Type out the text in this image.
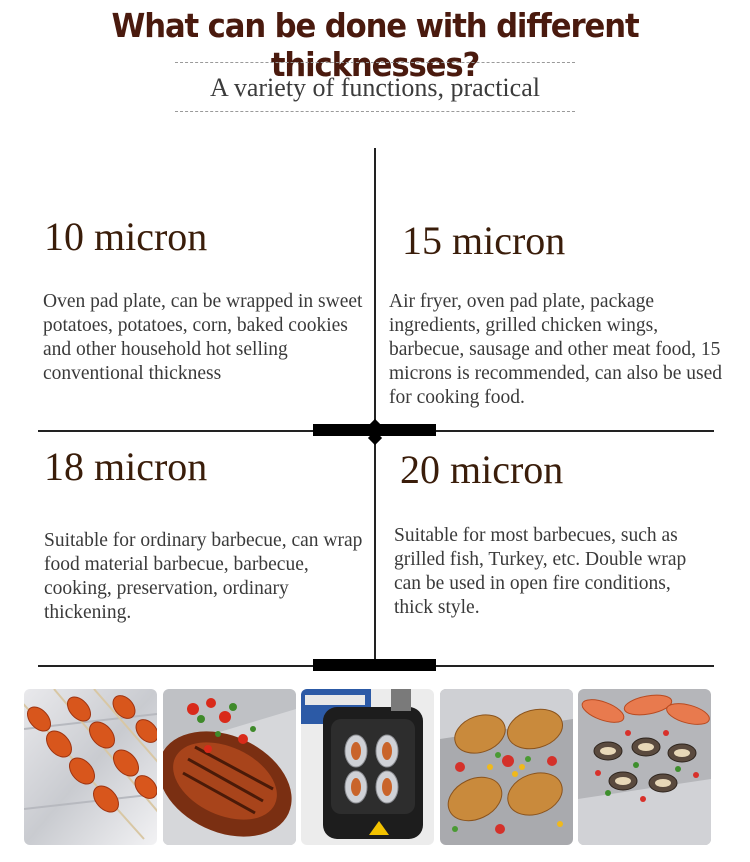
What can be done with different thicknesses?
A variety of functions, practical
10 micron
Oven pad plate, can be wrapped in sweet potatoes, potatoes, corn, baked cookies and other household hot selling conventional thickness
15 micron
Air fryer, oven pad plate, package ingredients, grilled chicken wings, barbecue, sausage and other meat food, 15 microns is recommended, can also be used for cooking food.
18 micron
Suitable for ordinary barbecue, can wrap food material barbecue, barbecue, cooking, preservation, ordinary thickening.
20 micron
Suitable for most barbecues, such as grilled fish, Turkey, etc. Double wrap can be used in open fire conditions, thick style.
